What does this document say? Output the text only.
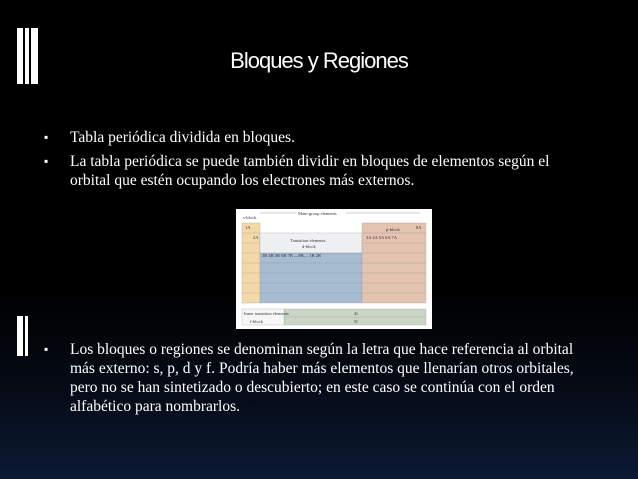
Bloques y Regiones
▪ Tabla periódica dividida en bloques.
▪ La tabla periódica se puede también dividir en bloques de elementos según el orbital que estén ocupando los electrones más externos.
▪ Los bloques o regiones se denominan según la letra que hace referencia al orbital más externo: s, p, d y f. Podría haber más elementos que llenarían otros orbitales, pero no se han sintetizado o descubierto; en este caso se continúa con el orden alfabético para nombrarlos.
Main-group elements
s-block
1A
2A
8A
3A 4A 5A 6A 7A
p-block
Transition elements
d-block
3B 4B 5B 6B 7B —8B— 1B 2B
Inner transition elements
f-block
4f
5f
